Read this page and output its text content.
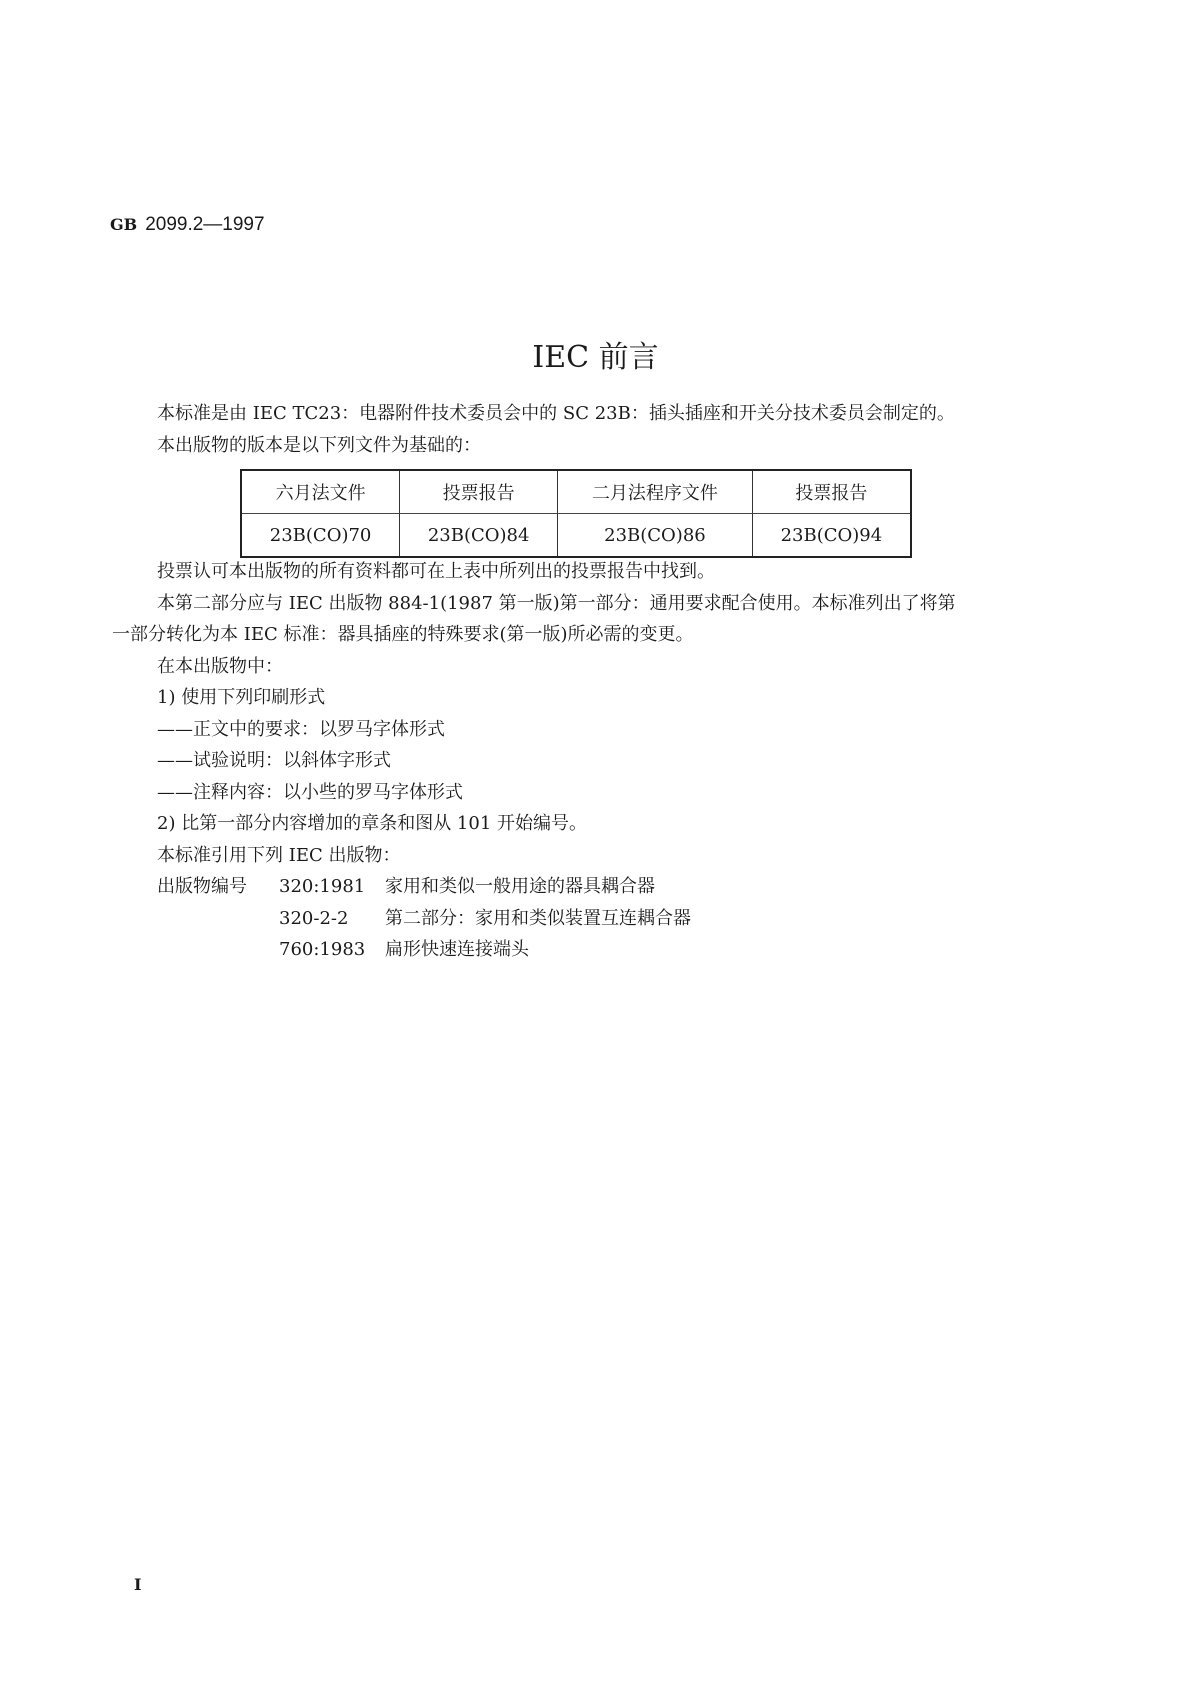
GB 2099.2—1997
IEC 前言
本标准是由 IEC TC23：电器附件技术委员会中的 SC 23B：插头插座和开关分技术委员会制定的。
本出版物的版本是以下列文件为基础的：
六月法文件	投票报告	二月法程序文件	投票报告
23B(CO)70	23B(CO)84	23B(CO)86	23B(CO)94
投票认可本出版物的所有资料都可在上表中所列出的投票报告中找到。
本第二部分应与 IEC 出版物 884-1(1987 第一版)第一部分：通用要求配合使用。本标准列出了将第
一部分转化为本 IEC 标准：器具插座的特殊要求(第一版)所必需的变更。
在本出版物中：
1) 使用下列印刷形式
——正文中的要求：以罗马字体形式
——试验说明：以斜体字形式
——注释内容：以小些的罗马字体形式
2) 比第一部分内容增加的章条和图从 101 开始编号。
本标准引用下列 IEC 出版物：
出版物编号	320:1981	家用和类似一般用途的器具耦合器
320-2-2	第二部分：家用和类似装置互连耦合器
760:1983	扁形快速连接端头
I
